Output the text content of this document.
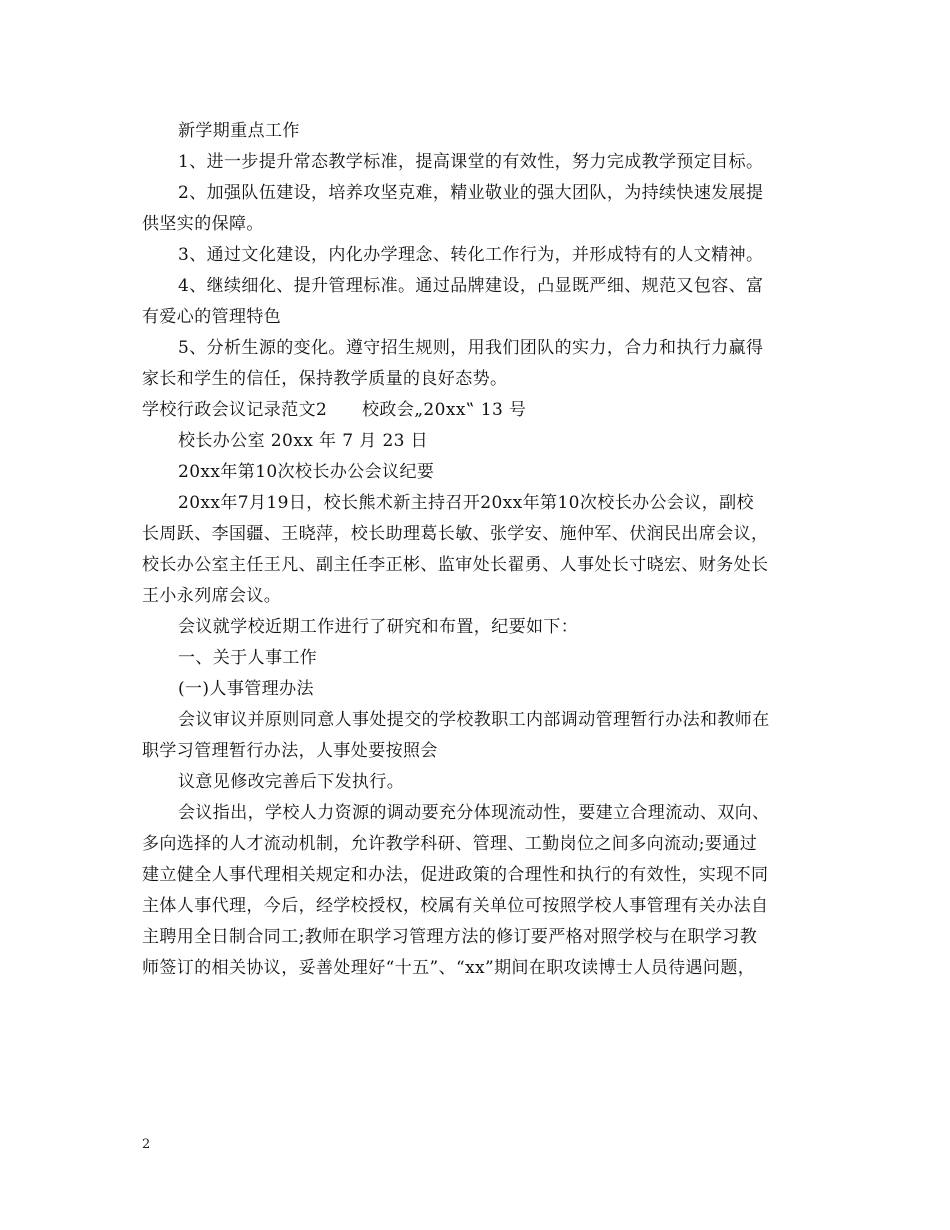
新学期重点工作
1、进一步提升常态教学标准，提高课堂的有效性，努力完成教学预定目标。
2、加强队伍建设，培养攻坚克难，精业敬业的强大团队，为持续快速发展提
供坚实的保障。
3、通过文化建设，内化办学理念、转化工作行为，并形成特有的人文精神。
4、继续细化、提升管理标准。通过品牌建设，凸显既严细、规范又包容、富
有爱心的管理特色
5、分析生源的变化。遵守招生规则，用我们团队的实力，合力和执行力赢得
家长和学生的信任，保持教学质量的良好态势。
学校行政会议记录范文2　　校政会„20xx‟ 13 号
校长办公室 20xx 年 7 月 23 日
20xx年第10次校长办公会议纪要
20xx年7月19日，校长熊术新主持召开20xx年第10次校长办公会议，副校
长周跃、李国疆、王晓萍，校长助理葛长敏、张学安、施仲军、伏润民出席会议，
校长办公室主任王凡、副主任李正彬、监审处长翟勇、人事处长寸晓宏、财务处长
王小永列席会议。
会议就学校近期工作进行了研究和布置，纪要如下：
一、关于人事工作
(一)人事管理办法
会议审议并原则同意人事处提交的学校教职工内部调动管理暂行办法和教师在
职学习管理暂行办法，人事处要按照会
议意见修改完善后下发执行。
会议指出，学校人力资源的调动要充分体现流动性，要建立合理流动、双向、
多向选择的人才流动机制，允许教学科研、管理、工勤岗位之间多向流动;要通过
建立健全人事代理相关规定和办法，促进政策的合理性和执行的有效性，实现不同
主体人事代理，今后，经学校授权，校属有关单位可按照学校人事管理有关办法自
主聘用全日制合同工;教师在职学习管理方法的修订要严格对照学校与在职学习教
师签订的相关协议，妥善处理好“十五”、“xx”期间在职攻读博士人员待遇问题，
2
